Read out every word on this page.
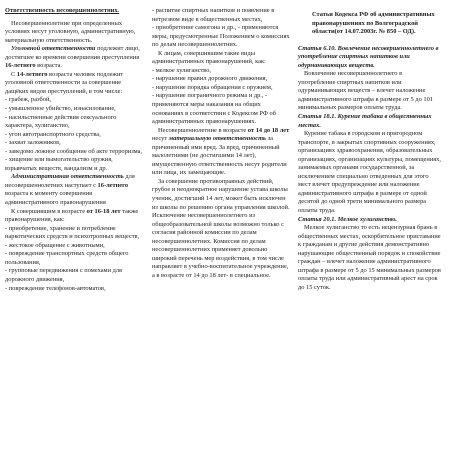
Ответственность несовершеннолетних.

Несовершеннолетние при определенных условиях несут уголовную, административную, материальную ответственность.

Уголовной ответственности подлежит лицо, достигшее ко времени совершения преступления 16-летнего возраста.

С 14-летнего возраста человек подлежит уголовной ответственности за совершение дащёких видов преступлений, в том числе:

- грабеж, разбой,

- умышленное убийство, изнасилование,

- насильственные действия сексуального характера, хулиганство,

- угон автотранспортного средства,

- захват заложников,

- заведомо ложное сообщение об акте терроризма,

- хищение или вымогательство оружия, взрывчатых веществ, вандализм и др.

Административная ответственность для несовершеннолетних наступает с 16-летнего возраста к моменту совершения административного правонарушения

К совершившим в возрасте от 16-18 лет также правонарушения, как:

- приобретение, хранение и потребление наркотических средств и психотропных веществ,

- жестокое обращение с животными,

- повреждение транспортных средств общего пользования,

- групповые передвижения с помехами для дорожного движения,

- повреждение телефонов-автоматов,

- распитие спиртных напитков и появление в нетрезвом виде в общественных местах,

- приобретение самогона и др., - применяются меры, предусмотренные Положением о комиссиях по делам несовершеннолетних.

К лицам, совершившим такие виды административных правонарушений, как:

- мелкое хулиганство,

- нарушение правил дорожного движения,

- нарушение порядка обращения с оружием,

- нарушение пограничного режима и др., - применяются меры наказания на общих основаниях в соответствии с Кодексом РФ об административных правонарушениях.

Несовершеннолетние в возрасте от 14 до 18 лет несут материальную ответственность за причиненный ими вред. За вред, причиненный малолетними (не достигшими 14 лет), имущественную ответственность несут родители или лица, их замещающие.

За совершение противоправных действий, грубое и неоднократное нарушение устава школы ученик, достигший 14 лет, может быть исключен из школы по решению органа управления школой. Исключение несовершеннолетнего из общеобразовательной школы возможно только с согласия районной комиссии по делам несовершеннолетних. Комиссия по делам несовершеннолетних применяет довольно широкий перечень мер воздействия, в том числе направляет в учебно-воспитательное учреждение, а в возрасте от 14 до 18 лет- в специальное.

Статьи Кодекса РФ об административных правонарушениях по Волгоградской области(от 14.07.2003г. № 850 – ОД).

Статья 6.10. Вовлечение несовершеннолетнего в употребление спиртных напитков или одурманивающих веществ.

Вовлечение несовершеннолетнего в употребление спиртных напитков или одурманивающих веществ – влечет наложение административного штрафа в размере от 5 до 101 минимальных размеров оплаты труда.

Статья 18.1. Курение табака в общественных местах.

Курение табака в городском и пригородном транспорте, в закрытых спортивных сооружениях, организациях здравоохранения, образовательных организациях, организациях культуры, помещениях, занимаемых органами государственной, за исключением специально отведенных для этого мест влечет предупреждение или наложение административного штрафа в размере от одной десятой до одной трети минимального размера оплаты труда.

Статья 20.1. Мелкое хулиганство.

Мелкое хулиганство то есть нецензурная брань в общественных местах, оскорбительное приставание к гражданам и другие действия демонстративно нарушающие общественный порядок и спокойствие граждан – влечет наложение административного штрафа в размере от 5 до 15 минимальных размеров оплаты труда или административный арест на срок до 15 суток.
